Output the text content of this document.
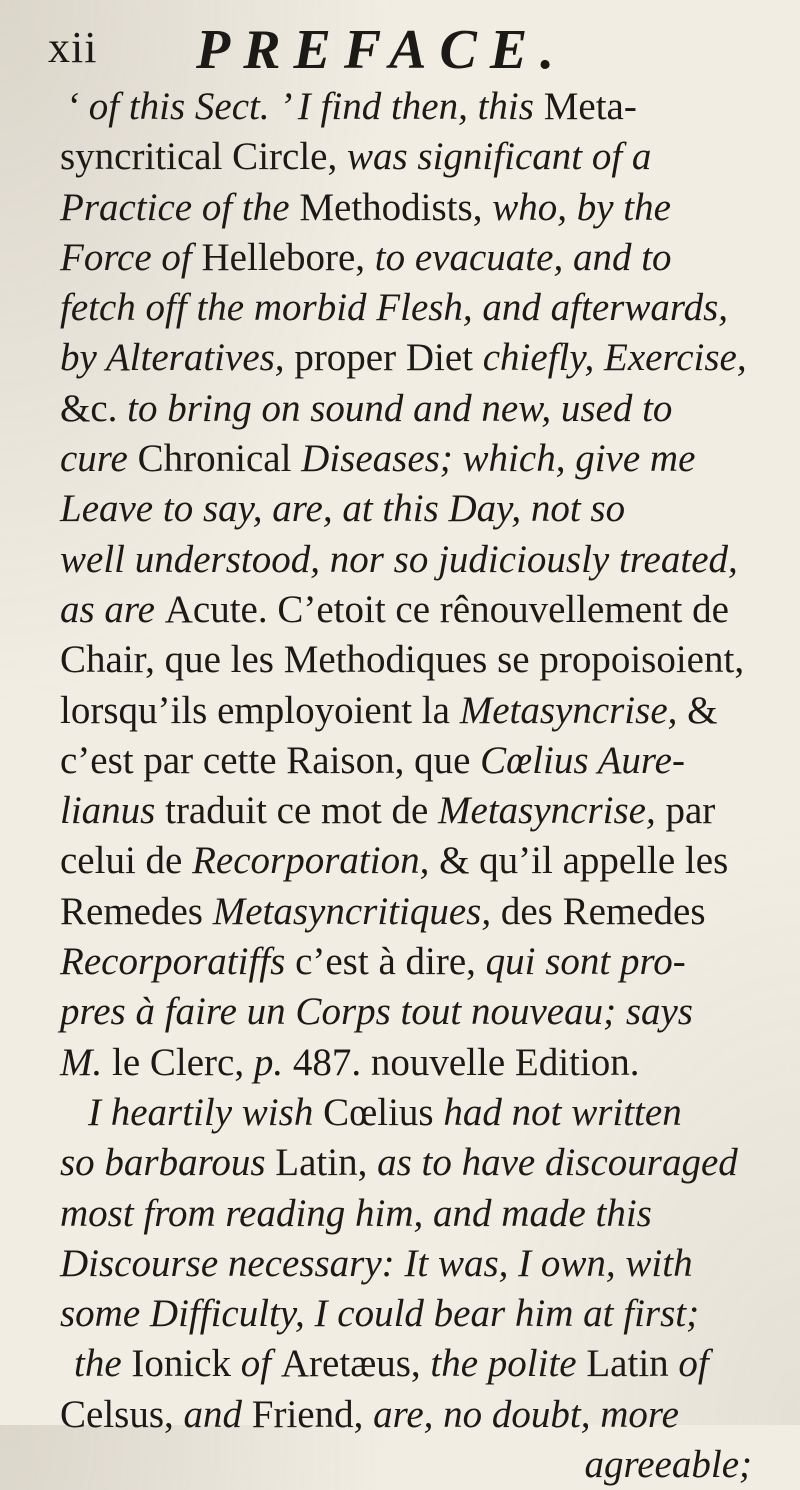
xii PREFACE.
‘ of this Sect. ’ I find then, this Meta-
syncritical Circle, was significant of a
Practice of the Methodists, who, by the
Force of Hellebore, to evacuate, and to
fetch off the morbid Flesh, and afterwards,
by Alteratives, proper Diet chiefly, Exercise,
&c. to bring on sound and new, used to
cure Chronical Diseases; which, give me
Leave to say, are, at this Day, not so
well understood, nor so judiciously treated,
as are Acute. C’etoit ce rênouvellement de
Chair, que les Methodiques se propoisoient,
lorsqu’ils employoient la Metasyncrise, &
c’est par cette Raison, que Cœlius Aure-
lianus traduit ce mot de Metasyncrise, par
celui de Recorporation, & qu’il appelle les
Remedes Metasyncritiques, des Remedes
Recorporatiffs c’est à dire, qui sont pro-
pres à faire un Corps tout nouveau; says
M. le Clerc, p. 487. nouvelle Edition.
I heartily wish Cœlius had not written
so barbarous Latin, as to have discouraged
most from reading him, and made this
Discourse necessary: It was, I own, with
some Difficulty, I could bear him at first;
the Ionick of Aretæus, the polite Latin of
Celsus, and Friend, are, no doubt, more
agreeable;
